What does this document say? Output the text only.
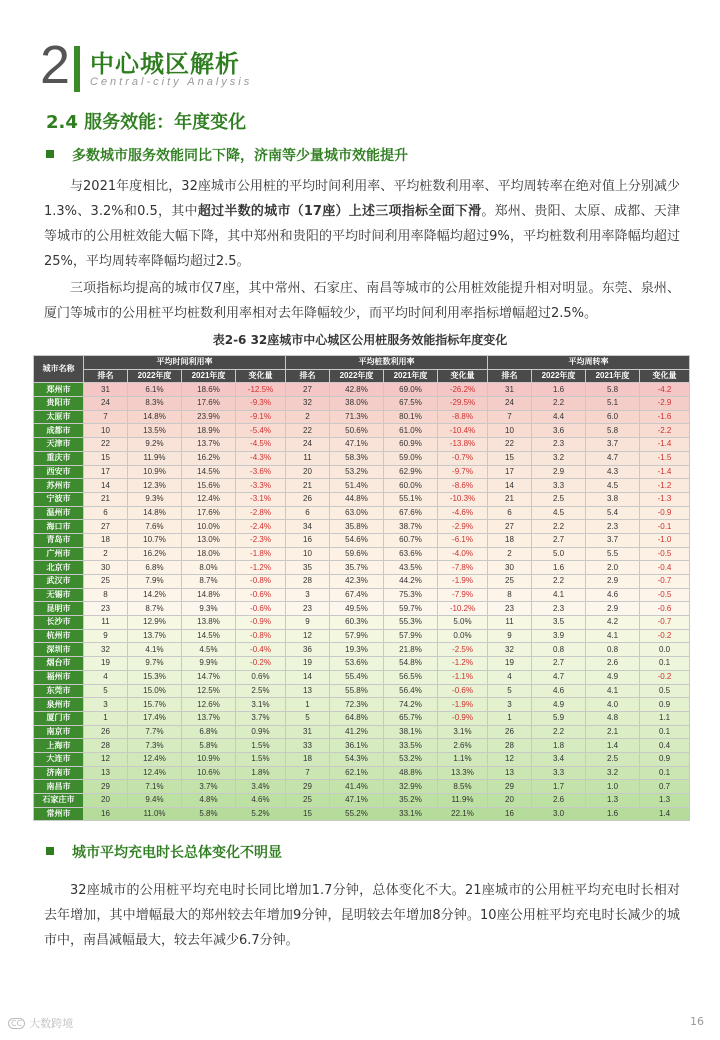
2 中心城区解析
Central-city Analysis
2.4 服务效能：年度变化
多数城市服务效能同比下降，济南等少量城市效能提升
与2021年度相比，32座城市公用桩的平均时间利用率、平均桩数利用率、平均周转率在绝对值上分别减少1.3%、3.2%和0.5，其中超过半数的城市（17座）上述三项指标全面下滑。郑州、贵阳、太原、成都、天津等城市的公用桩效能大幅下降，其中郑州和贵阳的平均时间利用率降幅均超过9%，平均桩数利用率降幅均超过25%，平均周转率降幅均超过2.5。
三项指标均提高的城市仅7座，其中常州、石家庄、南昌等城市的公用桩效能提升相对明显。东莞、泉州、厦门等城市的公用桩平均桩数利用率相对去年降幅较少，而平均时间利用率指标增幅超过2.5%。
表2-6 32座城市中心城区公用桩服务效能指标年度变化
城市名称	平均时间利用率				平均桩数利用率				平均周转率			
	排名	2022年度	2021年度	变化量	排名	2022年度	2021年度	变化量	排名	2022年度	2021年度	变化量
郑州市	31	6.1%	18.6%	-12.5%	27	42.8%	69.0%	-26.2%	31	1.6	5.8	-4.2
贵阳市	24	8.3%	17.6%	-9.3%	32	38.0%	67.5%	-29.5%	24	2.2	5.1	-2.9
太原市	7	14.8%	23.9%	-9.1%	2	71.3%	80.1%	-8.8%	7	4.4	6.0	-1.6
成都市	10	13.5%	18.9%	-5.4%	22	50.6%	61.0%	-10.4%	10	3.6	5.8	-2.2
天津市	22	9.2%	13.7%	-4.5%	24	47.1%	60.9%	-13.8%	22	2.3	3.7	-1.4
重庆市	15	11.9%	16.2%	-4.3%	11	58.3%	59.0%	-0.7%	15	3.2	4.7	-1.5
西安市	17	10.9%	14.5%	-3.6%	20	53.2%	62.9%	-9.7%	17	2.9	4.3	-1.4
苏州市	14	12.3%	15.6%	-3.3%	21	51.4%	60.0%	-8.6%	14	3.3	4.5	-1.2
宁波市	21	9.3%	12.4%	-3.1%	26	44.8%	55.1%	-10.3%	21	2.5	3.8	-1.3
温州市	6	14.8%	17.6%	-2.8%	6	63.0%	67.6%	-4.6%	6	4.5	5.4	-0.9
海口市	27	7.6%	10.0%	-2.4%	34	35.8%	38.7%	-2.9%	27	2.2	2.3	-0.1
青岛市	18	10.7%	13.0%	-2.3%	16	54.6%	60.7%	-6.1%	18	2.7	3.7	-1.0
广州市	2	16.2%	18.0%	-1.8%	10	59.6%	63.6%	-4.0%	2	5.0	5.5	-0.5
北京市	30	6.8%	8.0%	-1.2%	35	35.7%	43.5%	-7.8%	30	1.6	2.0	-0.4
武汉市	25	7.9%	8.7%	-0.8%	28	42.3%	44.2%	-1.9%	25	2.2	2.9	-0.7
无锡市	8	14.2%	14.8%	-0.6%	3	67.4%	75.3%	-7.9%	8	4.1	4.6	-0.5
昆明市	23	8.7%	9.3%	-0.6%	23	49.5%	59.7%	-10.2%	23	2.3	2.9	-0.6
长沙市	11	12.9%	13.8%	-0.9%	9	60.3%	55.3%	5.0%	11	3.5	4.2	-0.7
杭州市	9	13.7%	14.5%	-0.8%	12	57.9%	57.9%	0.0%	9	3.9	4.1	-0.2
深圳市	32	4.1%	4.5%	-0.4%	36	19.3%	21.8%	-2.5%	32	0.8	0.8	0.0
烟台市	19	9.7%	9.9%	-0.2%	19	53.6%	54.8%	-1.2%	19	2.7	2.6	0.1
福州市	4	15.3%	14.7%	0.6%	14	55.4%	56.5%	-1.1%	4	4.7	4.9	-0.2
东莞市	5	15.0%	12.5%	2.5%	13	55.8%	56.4%	-0.6%	5	4.6	4.1	0.5
泉州市	3	15.7%	12.6%	3.1%	1	72.3%	74.2%	-1.9%	3	4.9	4.0	0.9
厦门市	1	17.4%	13.7%	3.7%	5	64.8%	65.7%	-0.9%	1	5.9	4.8	1.1
南京市	26	7.7%	6.8%	0.9%	31	41.2%	38.1%	3.1%	26	2.2	2.1	0.1
上海市	28	7.3%	5.8%	1.5%	33	36.1%	33.5%	2.6%	28	1.8	1.4	0.4
大连市	12	12.4%	10.9%	1.5%	18	54.3%	53.2%	1.1%	12	3.4	2.5	0.9
济南市	13	12.4%	10.6%	1.8%	7	62.1%	48.8%	13.3%	13	3.3	3.2	0.1
南昌市	29	7.1%	3.7%	3.4%	29	41.4%	32.9%	8.5%	29	1.7	1.0	0.7
石家庄市	20	9.4%	4.8%	4.6%	25	47.1%	35.2%	11.9%	20	2.6	1.3	1.3
常州市	16	11.0%	5.8%	5.2%	15	55.2%	33.1%	22.1%	16	3.0	1.6	1.4
城市平均充电时长总体变化不明显
32座城市的公用桩平均充电时长同比增加1.7分钟，总体变化不大。21座城市的公用桩平均充电时长相对去年增加，其中增幅最大的郑州较去年增加9分钟，昆明较去年增加8分钟。10座公用桩平均充电时长减少的城市中，南昌减幅最大，较去年减少6.7分钟。
CC 大数跨境	16
